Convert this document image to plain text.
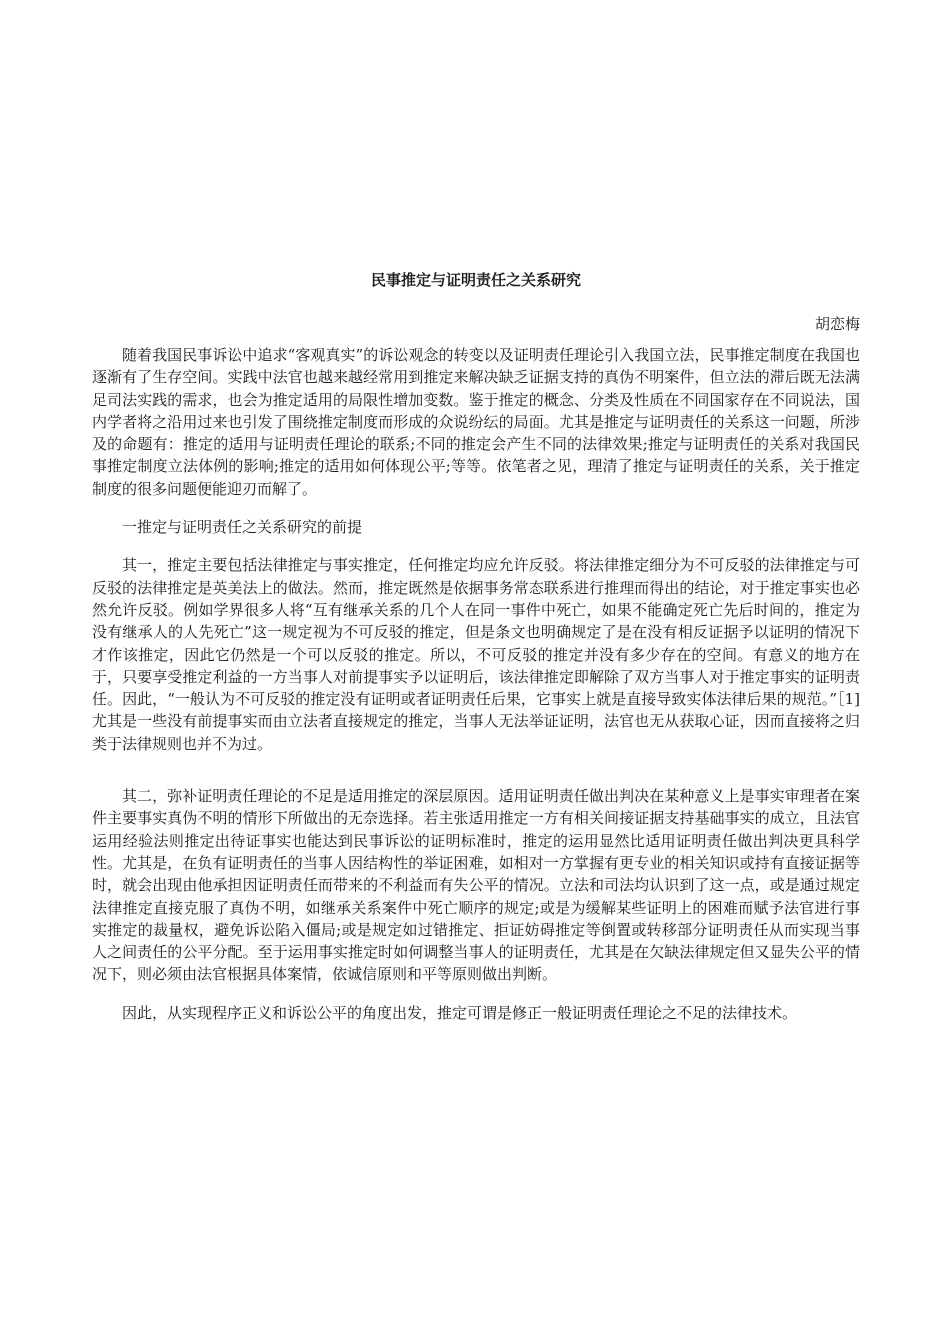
民事推定与证明责任之关系研究

胡恋梅

随着我国民事诉讼中追求“客观真实”的诉讼观念的转变以及证明责任理论引入我国立法，民事推定制度在我国也逐渐有了生存空间。实践中法官也越来越经常用到推定来解决缺乏证据支持的真伪不明案件，但立法的滞后既无法满足司法实践的需求，也会为推定适用的局限性增加变数。鉴于推定的概念、分类及性质在不同国家存在不同说法，国内学者将之沿用过来也引发了围绕推定制度而形成的众说纷纭的局面。尤其是推定与证明责任的关系这一问题，所涉及的命题有：推定的适用与证明责任理论的联系;不同的推定会产生不同的法律效果;推定与证明责任的关系对我国民事推定制度立法体例的影响;推定的适用如何体现公平;等等。依笔者之见，理清了推定与证明责任的关系，关于推定制度的很多问题便能迎刃而解了。

一推定与证明责任之关系研究的前提

其一，推定主要包括法律推定与事实推定，任何推定均应允许反驳。将法律推定细分为不可反驳的法律推定与可反驳的法律推定是英美法上的做法。然而，推定既然是依据事务常态联系进行推理而得出的结论，对于推定事实也必然允许反驳。例如学界很多人将“互有继承关系的几个人在同一事件中死亡，如果不能确定死亡先后时间的，推定为没有继承人的人先死亡”这一规定视为不可反驳的推定，但是条文也明确规定了是在没有相反证据予以证明的情况下才作该推定，因此它仍然是一个可以反驳的推定。所以，不可反驳的推定并没有多少存在的空间。有意义的地方在于，只要享受推定利益的一方当事人对前提事实予以证明后，该法律推定即解除了双方当事人对于推定事实的证明责任。因此，“一般认为不可反驳的推定没有证明或者证明责任后果，它事实上就是直接导致实体法律后果的规范。”［1]尤其是一些没有前提事实而由立法者直接规定的推定，当事人无法举证证明，法官也无从获取心证，因而直接将之归类于法律规则也并不为过。

其二，弥补证明责任理论的不足是适用推定的深层原因。适用证明责任做出判决在某种意义上是事实审理者在案件主要事实真伪不明的情形下所做出的无奈选择。若主张适用推定一方有相关间接证据支持基础事实的成立，且法官运用经验法则推定出待证事实也能达到民事诉讼的证明标准时，推定的运用显然比适用证明责任做出判决更具科学性。尤其是，在负有证明责任的当事人因结构性的举证困难，如相对一方掌握有更专业的相关知识或持有直接证据等时，就会出现由他承担因证明责任而带来的不利益而有失公平的情况。立法和司法均认识到了这一点，或是通过规定法律推定直接克服了真伪不明，如继承关系案件中死亡顺序的规定;或是为缓解某些证明上的困难而赋予法官进行事实推定的裁量权，避免诉讼陷入僵局;或是规定如过错推定、拒证妨碍推定等倒置或转移部分证明责任从而实现当事人之间责任的公平分配。至于运用事实推定时如何调整当事人的证明责任，尤其是在欠缺法律规定但又显失公平的情况下，则必须由法官根据具体案情，依诚信原则和平等原则做出判断。

因此，从实现程序正义和诉讼公平的角度出发，推定可谓是修正一般证明责任理论之不足的法律技术。
